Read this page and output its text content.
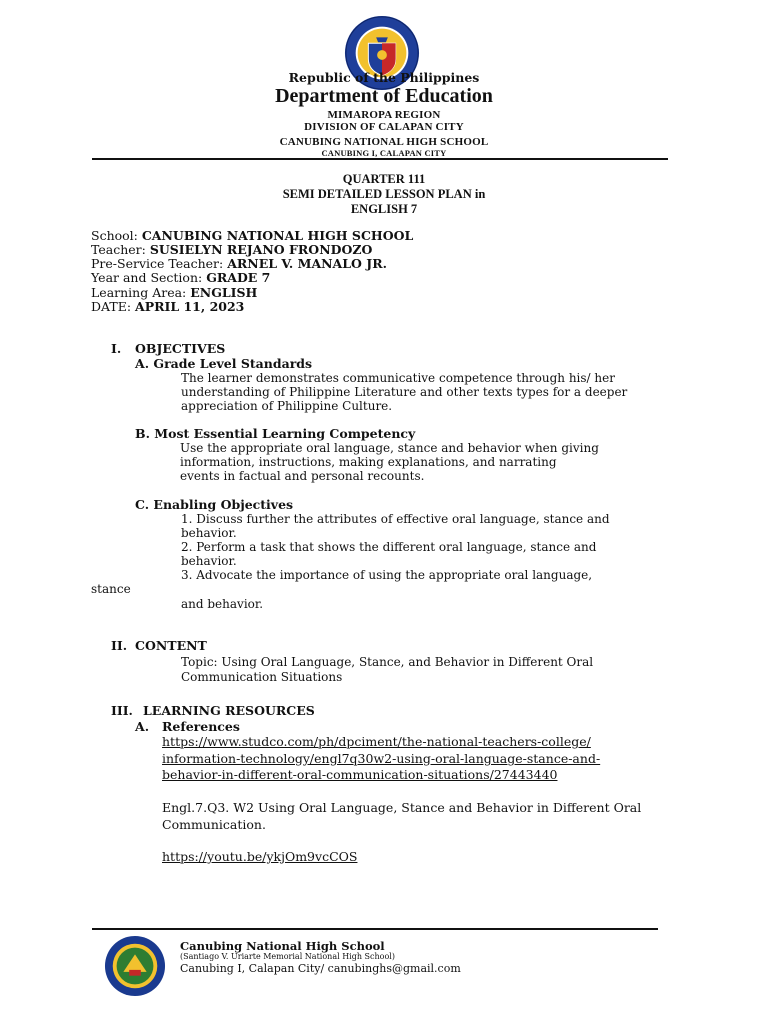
Republic of the Philippines
Department of Education
MIMAROPA REGION
DIVISION OF CALAPAN CITY
CANUBING NATIONAL HIGH SCHOOL
CANUBING I, CALAPAN CITY
QUARTER 111
SEMI DETAILED LESSON PLAN in
ENGLISH 7
School: CANUBING NATIONAL HIGH SCHOOL
Teacher: SUSIELYN REJANO FRONDOZO
Pre-Service Teacher: ARNEL V. MANALO JR.
Year and Section: GRADE 7
Learning Area: ENGLISH
DATE: APRIL 11, 2023
I. OBJECTIVES
A. Grade Level Standards
The learner demonstrates communicative competence through his/ her
understanding of Philippine Literature and other texts types for a deeper
appreciation of Philippine Culture.
B. Most Essential Learning Competency
Use the appropriate oral language, stance and behavior when giving
information, instructions, making explanations, and narrating
events in factual and personal recounts.
C. Enabling Objectives
1. Discuss further the attributes of effective oral language, stance and
behavior.
2. Perform a task that shows the different oral language, stance and
behavior.
3. Advocate the importance of using the appropriate oral language,
stance
and behavior.
II. CONTENT
Topic: Using Oral Language, Stance, and Behavior in Different Oral
Communication Situations
III. LEARNING RESOURCES
A. References
https://www.studco.com/ph/dpciment/the-national-teachers-college/
information-technology/engl7q30w2-using-oral-language-stance-and-
behavior-in-different-oral-communication-situations/27443440
Engl.7.Q3. W2 Using Oral Language, Stance and Behavior in Different Oral
Communication.
https://youtu.be/ykjOm9vcCOS
Canubing National High School
(Santiago V. Uriarte Memorial National High School)
Canubing I, Calapan City/ canubinghs@gmail.com
